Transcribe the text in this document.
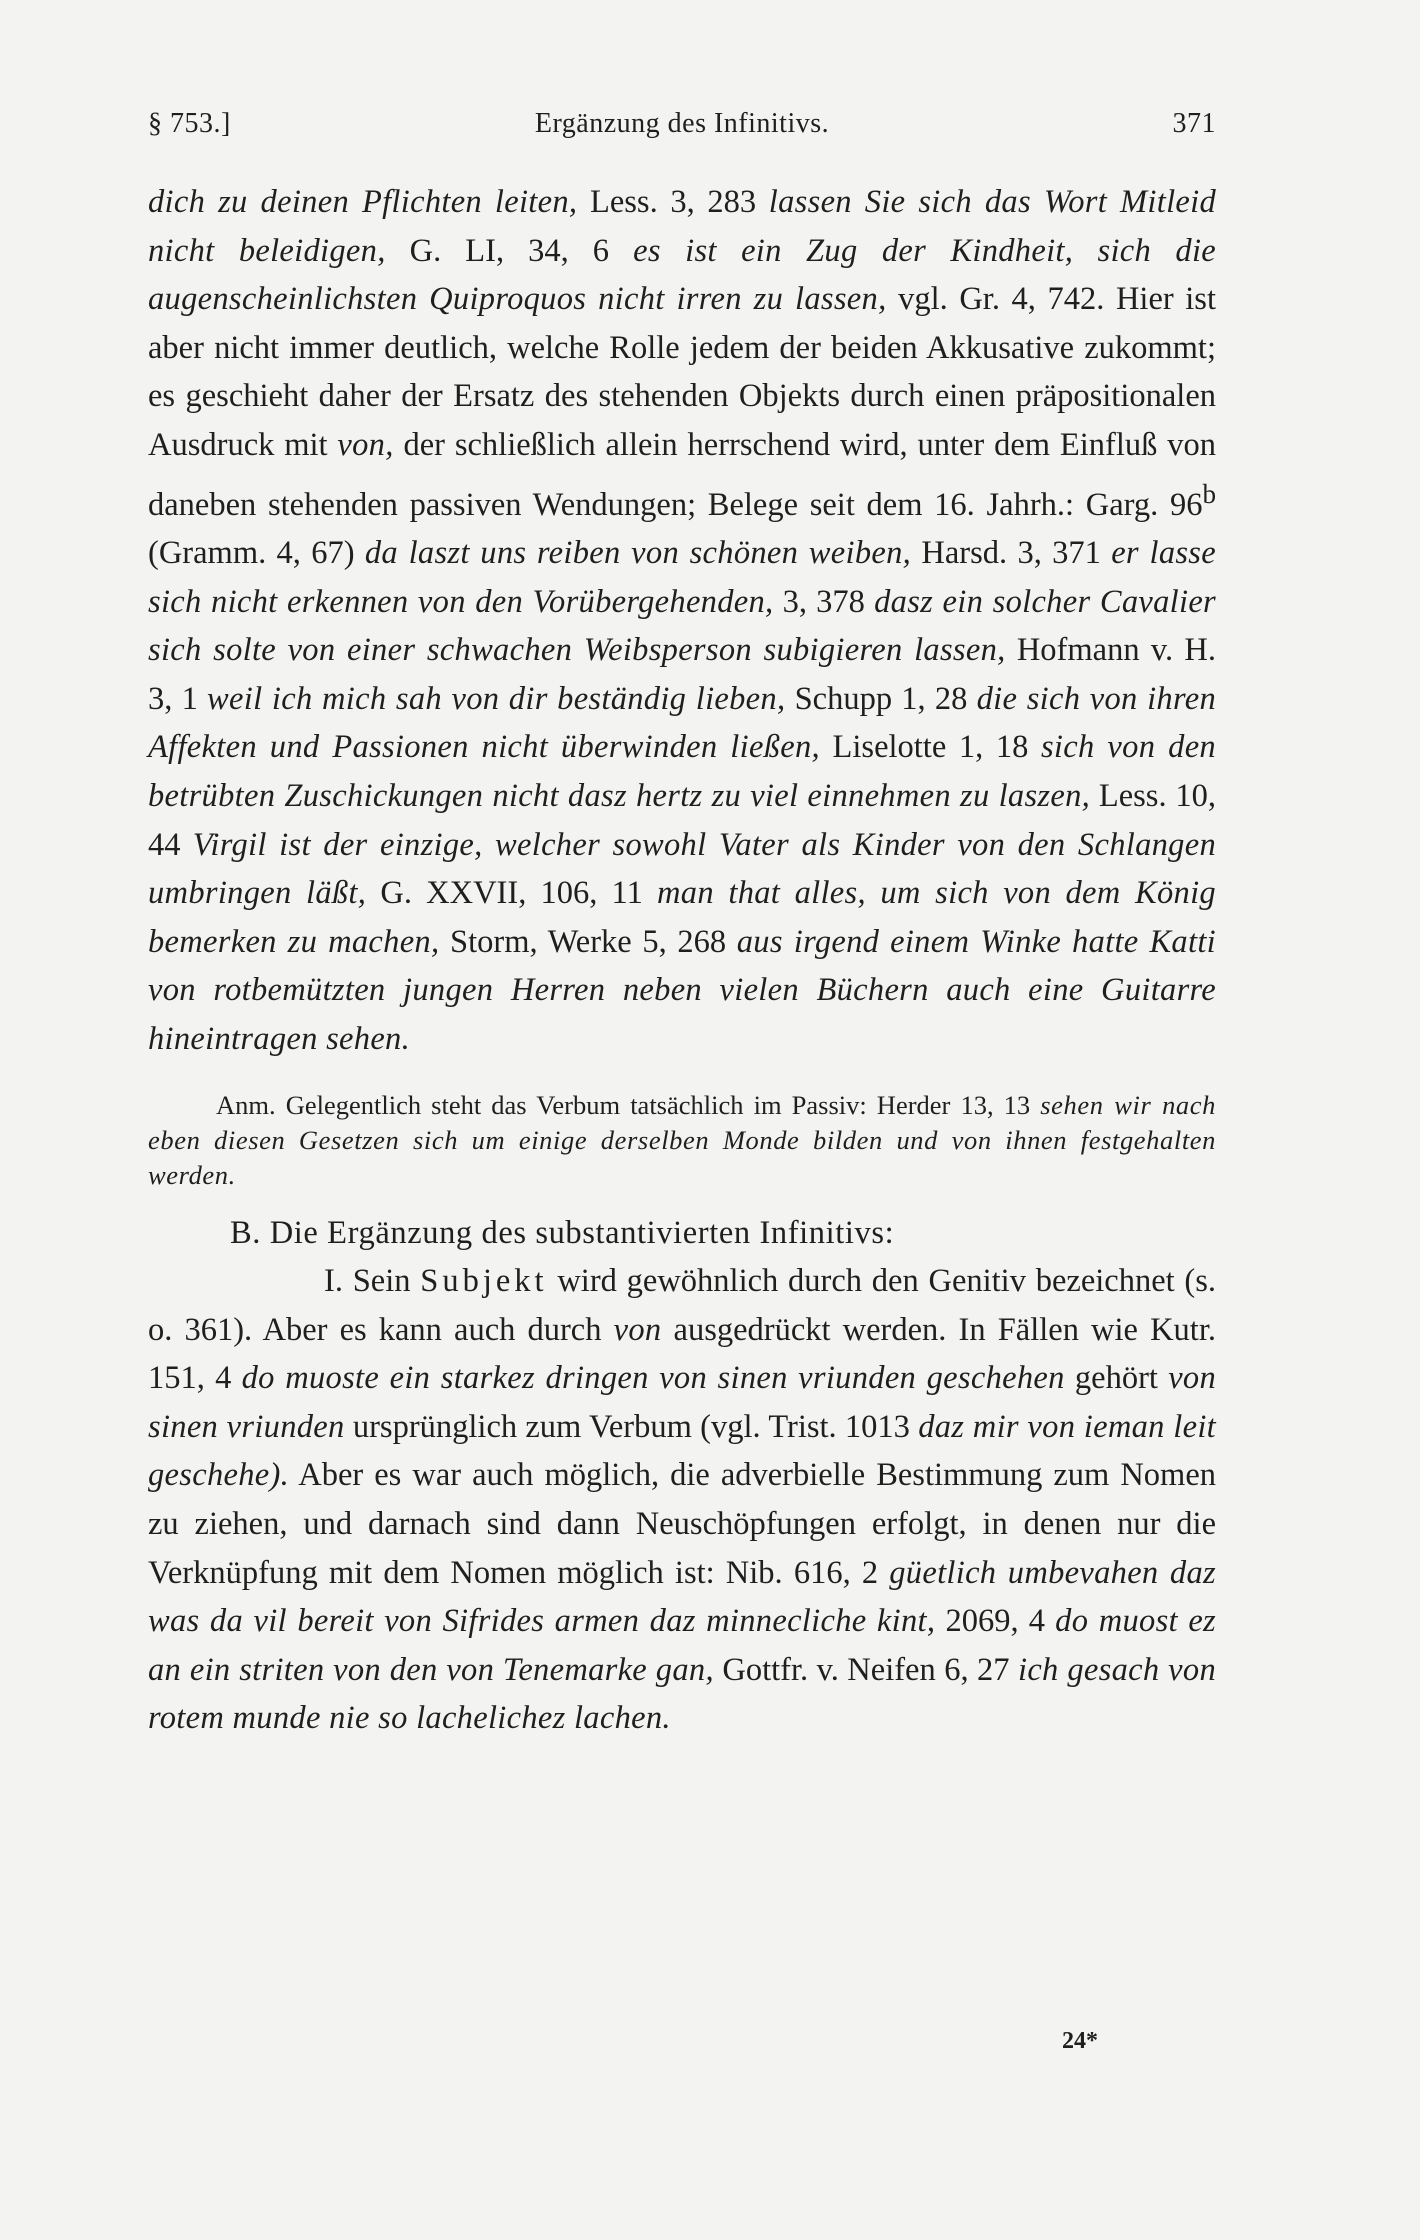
§ 753.]	Ergänzung des Infinitivs.	371

dich zu deinen Pflichten leiten, Less. 3, 283 lassen Sie sich das Wort Mitleid nicht beleidigen, G. LI, 34, 6 es ist ein Zug der Kindheit, sich die augenscheinlichsten Quiproquos nicht irren zu lassen, vgl. Gr. 4, 742. Hier ist aber nicht immer deutlich, welche Rolle jedem der beiden Akkusative zukommt; es geschieht daher der Ersatz des stehenden Objekts durch einen präpositionalen Ausdruck mit von, der schließlich allein herrschend wird, unter dem Einfluß von daneben stehenden passiven Wendungen; Belege seit dem 16. Jahrh.: Garg. 96$^b$ (Gramm. 4, 67) da laszt uns reiben von schönen weiben, Harsd. 3, 371 er lasse sich nicht erkennen von den Vorübergehenden, 3, 378 dasz ein solcher Cavalier sich solte von einer schwachen Weibsperson subigieren lassen, Hofmann v. H. 3, 1 weil ich mich sah von dir beständig lieben, Schupp 1, 28 die sich von ihren Affekten und Passionen nicht überwinden ließen, Liselotte 1, 18 sich von den betrübten Zuschickungen nicht dasz hertz zu viel einnehmen zu laszen, Less. 10, 44 Virgil ist der einzige, welcher sowohl Vater als Kinder von den Schlangen umbringen läßt, G. XXVII, 106, 11 man that alles, um sich von dem König bemerken zu machen, Storm, Werke 5, 268 aus irgend einem Winke hatte Katti von rotbemützten jungen Herren neben vielen Büchern auch eine Guitarre hineintragen sehen.

Anm. Gelegentlich steht das Verbum tatsächlich im Passiv: Herder 13, 13 sehen wir nach eben diesen Gesetzen sich um einige derselben Monde bilden und von ihnen festgehalten werden.

B. Die Ergänzung des substantivierten Infinitivs:

I. Sein Subjekt wird gewöhnlich durch den Genitiv bezeichnet (s. o. 361). Aber es kann auch durch von ausgedrückt werden. In Fällen wie Kutr. 151, 4 do muoste ein starkez dringen von sinen vriunden geschehen gehört von sinen vriunden ursprünglich zum Verbum (vgl. Trist. 1013 daz mir von ieman leit geschehe). Aber es war auch möglich, die adverbielle Bestimmung zum Nomen zu ziehen, und darnach sind dann Neuschöpfungen erfolgt, in denen nur die Verknüpfung mit dem Nomen möglich ist: Nib. 616, 2 güetlich umbevahen daz was da vil bereit von Sifrides armen daz minnecliche kint, 2069, 4 do muost ez an ein striten von den von Tenemarke gan, Gottfr. v. Neifen 6, 27 ich gesach von rotem munde nie so lachelichez lachen.

24*
